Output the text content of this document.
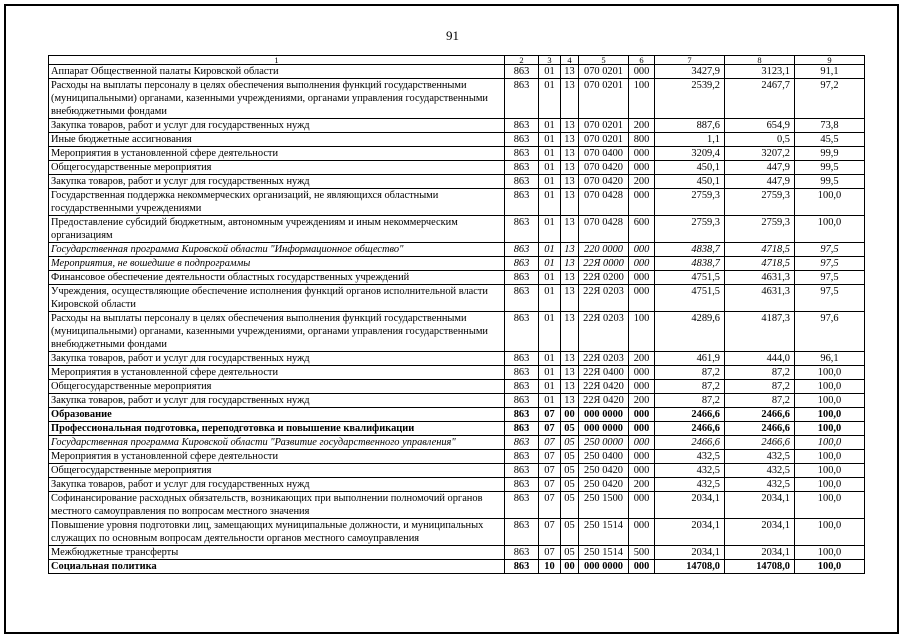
91
1	2	3	4	5	6	7	8	9
Аппарат Общественной палаты Кировской области	863	01	13	070 0201	000	3427,9	3123,1	91,1
Расходы на выплаты персоналу в целях обеспечения выполнения функций государственными (муниципальными) органами, казенными учреждениями, органами управления государственными внебюджетными фондами	863	01	13	070 0201	100	2539,2	2467,7	97,2
Закупка товаров, работ и услуг для государственных нужд	863	01	13	070 0201	200	887,6	654,9	73,8
Иные бюджетные ассигнования	863	01	13	070 0201	800	1,1	0,5	45,5
Мероприятия в установленной сфере деятельности	863	01	13	070 0400	000	3209,4	3207,2	99,9
Общегосударственные мероприятия	863	01	13	070 0420	000	450,1	447,9	99,5
Закупка товаров, работ и услуг для государственных нужд	863	01	13	070 0420	200	450,1	447,9	99,5
Государственная поддержка некоммерческих организаций, не являющихся областными государственными учреждениями	863	01	13	070 0428	000	2759,3	2759,3	100,0
Предоставление субсидий бюджетным, автономным учреждениям и иным некоммерческим организациям	863	01	13	070 0428	600	2759,3	2759,3	100,0
Государственная программа Кировской области "Информационное общество"	863	01	13	220 0000	000	4838,7	4718,5	97,5
Мероприятия, не вошедшие в подпрограммы	863	01	13	22Я 0000	000	4838,7	4718,5	97,5
Финансовое обеспечение деятельности областных государственных учреждений	863	01	13	22Я 0200	000	4751,5	4631,3	97,5
Учреждения, осуществляющие обеспечение исполнения функций органов исполнительной власти Кировской области	863	01	13	22Я 0203	000	4751,5	4631,3	97,5
Расходы на выплаты персоналу в целях обеспечения выполнения функций государственными (муниципальными) органами, казенными учреждениями, органами управления государственными внебюджетными фондами	863	01	13	22Я 0203	100	4289,6	4187,3	97,6
Закупка товаров, работ и услуг для государственных нужд	863	01	13	22Я 0203	200	461,9	444,0	96,1
Мероприятия в установленной сфере деятельности	863	01	13	22Я 0400	000	87,2	87,2	100,0
Общегосударственные мероприятия	863	01	13	22Я 0420	000	87,2	87,2	100,0
Закупка товаров, работ и услуг для государственных нужд	863	01	13	22Я 0420	200	87,2	87,2	100,0
Образование	863	07	00	000 0000	000	2466,6	2466,6	100,0
Профессиональная подготовка, переподготовка и повышение квалификации	863	07	05	000 0000	000	2466,6	2466,6	100,0
Государственная программа Кировской области "Развитие государственного управления"	863	07	05	250 0000	000	2466,6	2466,6	100,0
Мероприятия в установленной сфере деятельности	863	07	05	250 0400	000	432,5	432,5	100,0
Общегосударственные мероприятия	863	07	05	250 0420	000	432,5	432,5	100,0
Закупка товаров, работ и услуг для государственных нужд	863	07	05	250 0420	200	432,5	432,5	100,0
Софинансирование расходных обязательств, возникающих при выполнении полномочий органов местного самоуправления по вопросам местного значения	863	07	05	250 1500	000	2034,1	2034,1	100,0
Повышение уровня подготовки лиц, замещающих муниципальные должности, и муниципальных служащих по основным вопросам деятельности органов местного самоуправления	863	07	05	250 1514	000	2034,1	2034,1	100,0
Межбюджетные трансферты	863	07	05	250 1514	500	2034,1	2034,1	100,0
Социальная политика	863	10	00	000 0000	000	14708,0	14708,0	100,0
